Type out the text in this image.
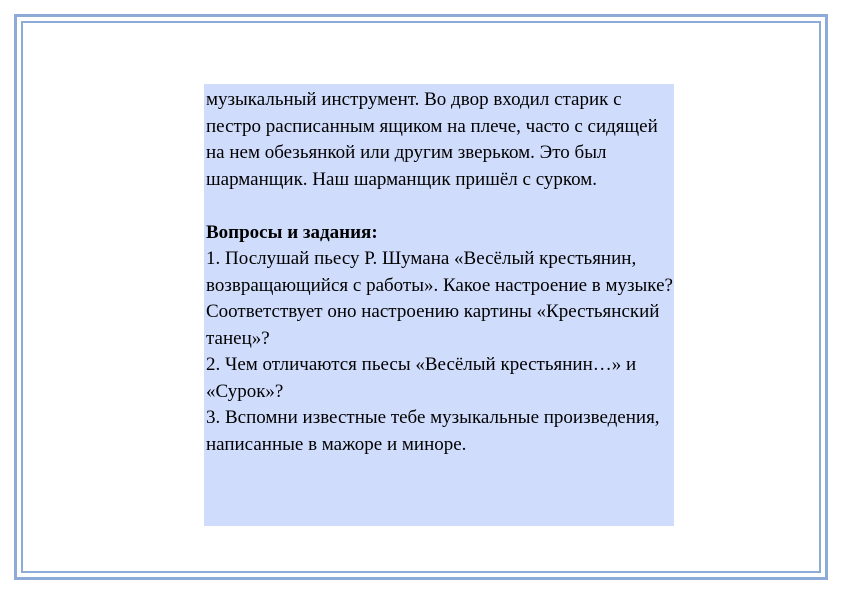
музыкальный инструмент. Во двор входил старик с пестро расписанным ящиком на плече, часто с сидящей на нем обезьянкой или другим зверьком. Это был шарманщик. Наш шарманщик пришёл с сурком.

Вопросы и задания:

1. Послушай пьесу Р. Шумана «Весёлый крестьянин, возвращающийся с работы». Какое настроение в музыке? Соответствует оно настроению картины «Крестьянский танец»?

2. Чем отличаются пьесы «Весёлый крестьянин…» и «Сурок»?

3. Вспомни известные тебе музыкальные произведения, написанные в мажоре и миноре.
